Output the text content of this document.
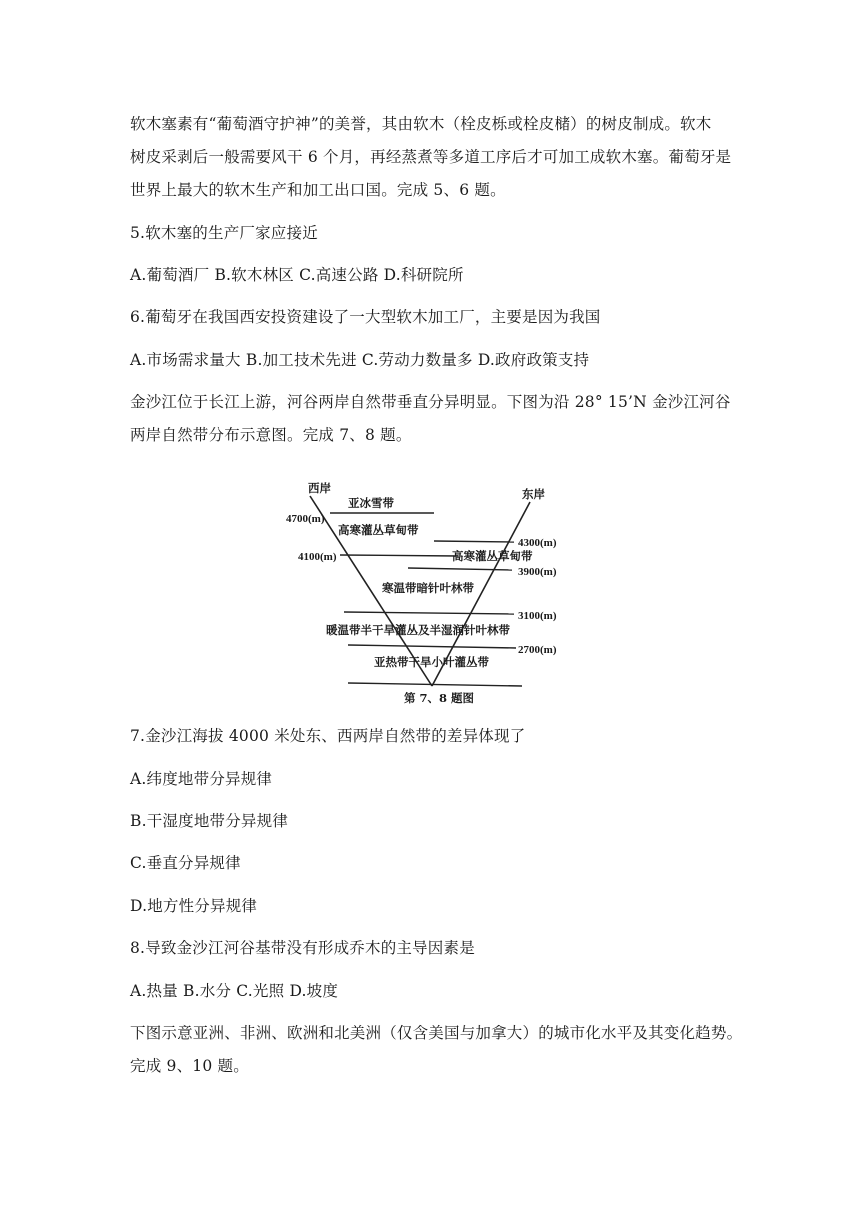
软木塞素有“葡萄酒守护神”的美誉，其由软木（栓皮栎或栓皮槠）的树皮制成。软木
树皮采剥后一般需要风干 6 个月，再经蒸煮等多道工序后才可加工成软木塞。葡萄牙是
世界上最大的软木生产和加工出口国。完成 5、6 题。
5.软木塞的生产厂家应接近
A.葡萄酒厂 B.软木林区 C.高速公路 D.科研院所
6.葡萄牙在我国西安投资建设了一大型软木加工厂，主要是因为我国
A.市场需求量大 B.加工技术先进 C.劳动力数量多 D.政府政策支持
金沙江位于长江上游，河谷两岸自然带垂直分异明显。下图为沿 28° 15’N 金沙江河谷
两岸自然带分布示意图。完成 7、8 题。
西岸	东岸
4700(m)
4100(m)
4300(m)
3900(m)
3100(m)
2700(m)
亚冰雪带
高寒灌丛草甸带
高寒灌丛草甸带
寒温带暗针叶林带
暖温带半干旱灌丛及半湿润针叶林带
亚热带干旱小叶灌丛带
第 7、8 题图
7.金沙江海拔 4000 米处东、西两岸自然带的差异体现了
A.纬度地带分异规律
B.干湿度地带分异规律
C.垂直分异规律
D.地方性分异规律
8.导致金沙江河谷基带没有形成乔木的主导因素是
A.热量 B.水分 C.光照 D.坡度
下图示意亚洲、非洲、欧洲和北美洲（仅含美国与加拿大）的城市化水平及其变化趋势。
完成 9、10 题。
